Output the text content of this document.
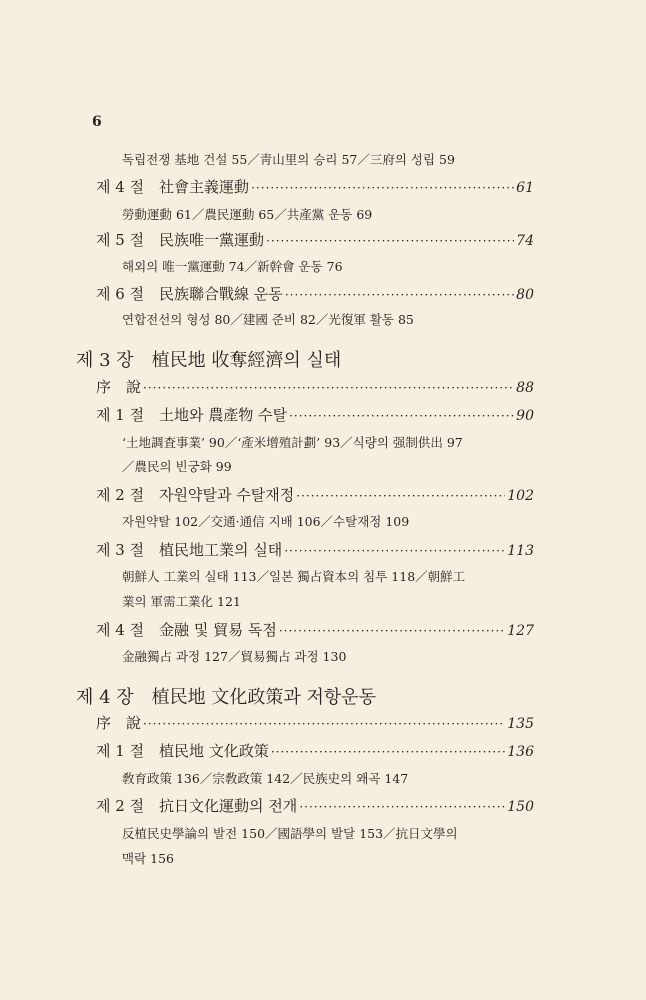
6
독립전쟁 基地 건설 55／靑山里의 승리 57／三府의 성립 59
제 4 절　社會主義運動 ·····	61
勞動運動 61／農民運動 65／共產黨 운동 69
제 5 절　民族唯一黨運動 ·····	74
해외의 唯一黨運動 74／新幹會 운동 76
제 6 절　民族聯合戰線 운동 ·····	80
연합전선의 형성 80／建國 준비 82／光復軍 활동 85
제 3 장　植民地 收奪經濟의 실태
序　說 ·····	88
제 1 절　土地와 農產物 수탈 ·····	90
‘土地調査事業’ 90／‘產米增殖計劃’ 93／식량의 强制供出 97
／農民의 빈궁화 99
제 2 절　자원약탈과 수탈재정 ·····	102
자원약탈 102／交通·通信 지배 106／수탈재정 109
제 3 절　植民地工業의 실태 ·····	113
朝鮮人 工業의 실태 113／일본 獨占資本의 침투 118／朝鮮工
業의 軍需工業化 121
제 4 절　金融 및 貿易 독점 ·····	127
金融獨占 과정 127／貿易獨占 과정 130
제 4 장　植民地 文化政策과 저항운동
序　說 ·····	135
제 1 절　植民地 文化政策 ·····	136
敎育政策 136／宗敎政策 142／民族史의 왜곡 147
제 2 절　抗日文化運動의 전개 ·····	150
反植民史學論의 발전 150／國語學의 발달 153／抗日文學의
맥락 156
